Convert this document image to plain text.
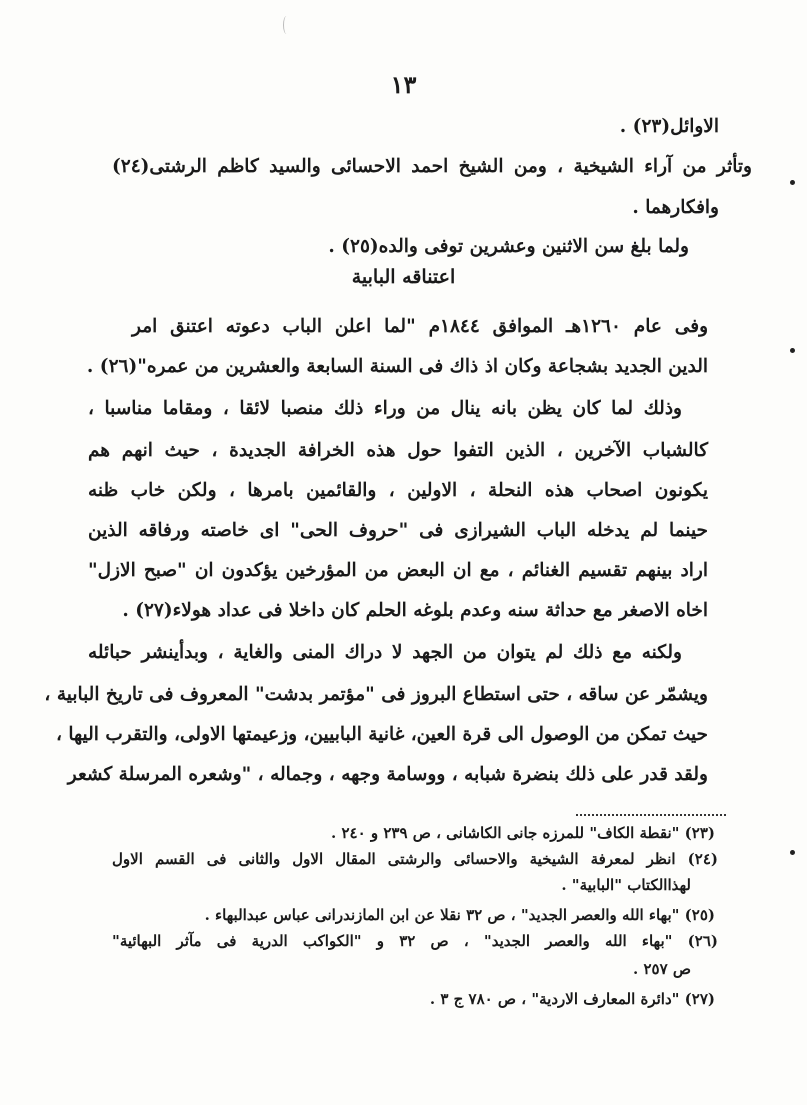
١٣
الاوائل(٢٣) .
وتأثر من آراء الشيخية ، ومن الشيخ احمد الاحسائى والسيد كاظم الرشتى(٢٤)
وافكارهما .
ولما بلغ سن الاثنين وعشرين توفى والده(٢٥) .
اعتناقه البابية
وفى عام ١٢٦٠هـ الموافق ١٨٤٤م "لما اعلن الباب دعوته اعتنق امر
الدين الجديد بشجاعة وكان اذ ذاك فى السنة السابعة والعشرين من عمره"(٢٦) .
وذلك لما كان يظن بانه ينال من وراء ذلك منصبا لائقا ، ومقاما مناسبا ،
كالشباب الآخرين ، الذين التفوا حول هذه الخرافة الجديدة ، حيث انهم هم
يكونون اصحاب هذه النحلة ، الاولين ، والقائمين بامرها ، ولكن خاب ظنه
حينما لم يدخله الباب الشيرازى فى "حروف الحى" اى خاصته ورفاقه الذين
اراد بينهم تقسيم الغنائم ، مع ان البعض من المؤرخين يؤكدون ان "صبح الازل"
اخاه الاصغر مع حداثة سنه وعدم بلوغه الحلم كان داخلا فى عداد هولاء(٢٧) .
ولكنه مع ذلك لم يتوان من الجهد لا دراك المنى والغاية ، وبدأينشر حبائله
ويشمّر عن ساقه ، حتى استطاع البروز فى "مؤتمر بدشت" المعروف فى تاريخ البابية ،
حيث تمكن من الوصول الى قرة العين، غانية البابيين، وزعيمتها الاولى، والتقرب اليها ،
ولقد قدر على ذلك بنضرة شبابه ، ووسامة وجهه ، وجماله ، "وشعره المرسلة كشعر
(٢٣) "نقطة الكاف" للمرزه جانى الكاشانى ، ص ٢٣٩ و ٢٤٠ .
(٢٤) انظر لمعرفة الشيخية والاحسائى والرشتى المقال الاول والثانى فى القسم الاول
لهذاالكتاب "البابية" .
(٢٥) "بهاء الله والعصر الجديد" ، ص ٣٢ نقلا عن ابن المازندرانى عباس عبدالبهاء .
(٢٦) "بهاء الله والعصر الجديد" ، ص ٣٢ و "الكواكب الدرية فى مآثر البهائية"
ص ٢٥٧ .
(٢٧) "دائرة المعارف الاردية" ، ص ٧٨٠ ج ٣ .
